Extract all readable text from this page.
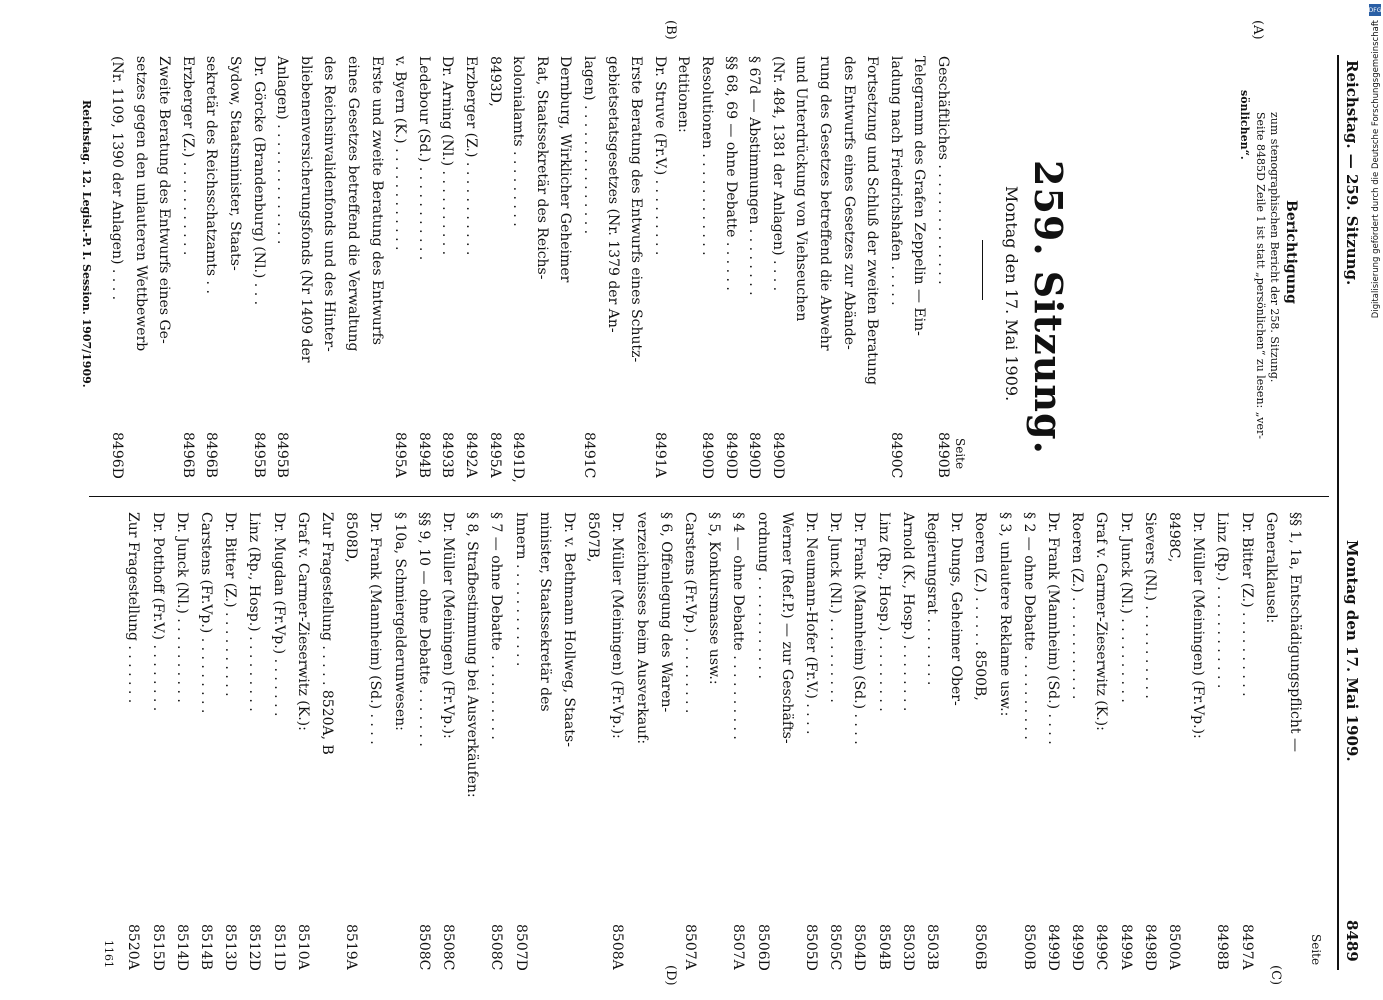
Reichstag. — 259. Sitzung.
Montag den 17. Mai 1909.
8489
(A)
(B)
(C)
(D)
Berichtigung
zum stenographischen Bericht der 258. Sitzung.
Seite 8485D Zeile 1 ist statt „persönlichen“ zu lesen: „ver-
sönlichen“.
259. Sitzung.
Montag den 17. Mai 1909.
Seite
Geschäftliches . . . . . . . . . . . . . .
8490B
Telegramm des Grafen Zeppelin — Ein-
ladung nach Friedrichshafen . . . . .
8490C
Fortsetzung und Schluß der zweiten Beratung
des Entwurfs eines Gesetzes zur Abände-
rung des Gesetzes betreffend die Abwehr
und Unterdrückung von Viehseuchen
(Nr. 484, 1381 der Anlagen) . . . .
8490D
§ 67d — Abstimmungen . . . . . . . .
8490D
§§ 68, 69 — ohne Debatte . . . . . .
8490D
Resolutionen . . . . . . . . . . . .
8490D
Petitionen:
Dr. Struve (Fr.V.) . . . . . . . . .
8491A
Erste Beratung des Entwurfs eines Schutz-
gebietsetatsgesetzes (Nr. 1379 der An-
lagen) . . . . . . . . . . . . . . .
8491C
Dernburg, Wirklicher Geheimer
Rat, Staatssekretär des Reichs-
kolonialamts . . . . . . . . .
8491D,
8493D,
8495A
Erzberger (Z.) . . . . . . . . . . .
8492A
Dr. Arning (Nl.) . . . . . . . . . .
8493B
Ledebour (Sd.) . . . . . . . . . . .
8494B
v. Byern (K.) . . . . . . . . . . . .
8495A
Erste und zweite Beratung des Entwurfs
eines Gesetzes betreffend die Verwaltung
des Reichsinvalidenfonds und des Hinter-
bliebenenversicherungsfonds (Nr 1409 der
Anlagen) . . . . . . . . . . . . . .
8495B
Dr. Görcke (Brandenburg) (Nl.) . . .
8495B
Sydow, Staatsminister, Staats-
sekretär des Reichsschatzamts . .
8496B
Erzberger (Z.) . . . . . . . . . . .
8496B
Zweite Beratung des Entwurfs eines Ge-
setzes gegen den unlauteren Wettbewerb
(Nr. 1109, 1390 der Anlagen) . . . .
8496D
Reichstag. 12. Legisl.-P. I. Session. 1907/1909.
Seite
§§ 1, 1a, Entschädigungspflicht —
Generalklausel:
Dr. Bitter (Z.) . . . . . . . . . .
8497A
Linz (Rp.) . . . . . . . . . . . .
8498B
Dr. Müller (Meiningen) (Fr.Vp.):
8498C,
8500A
Sievers (Nl.) . . . . . . . . . . .
8498D
Dr. Junck (Nl.) . . . . . . . . . .
8499A
Graf v. Carmer-Zieserwitz (K.):
8499C
Roeren (Z.) . . . . . . . . . . . .
8499D
Dr. Frank (Mannheim) (Sd.) . . . .
8499D
§ 2 — ohne Debatte . . . . . . . . . .
8500B
§ 3, unlautere Reklame usw.:
Roeren (Z.) . . . . . . 8500B,
8506B
Dr. Dungs, Geheimer Ober-
Regierungsrat . . . . . . . .
8503B
Arnold (K., Hosp.) . . . . . . . .
8503D
Linz (Rp., Hosp.) . . . . . . . . .
8504B
Dr. Frank (Mannheim) (Sd.) . . . .
8504D
Dr. Junck (Nl.) . . . . . . . . . .
8505C
Dr. Neumann-Hofer (Fr.V.) . . . .
8505D
Werner (Ref.P.) — zur Geschäfts-
ordnung . . . . . . . . . . . .
8506D
§ 4 — ohne Debatte . . . . . . . . . .
8507A
§ 5, Konkursmasse usw.:
Carstens (Fr.Vp.) . . . . . . . . .
8507A
§ 6, Offenlegung des Waren-
verzeichnisses beim Ausverkauf:
Dr. Müller (Meiningen) (Fr.Vp.):
8508A
8507B,
Dr. v. Bethmann Hollweg, Staats-
minister, Staatssekretär des
Innern . . . . . . . . . . . .
8507D
§ 7 — ohne Debatte . . . . . . . . . .
8508C
§ 8, Strafbestimmung bei Ausverkäufen:
Dr. Müller (Meiningen) (Fr.Vp.):
8508C
§§ 9, 10 — ohne Debatte . . . . . . .
8508C
§ 10a, Schmiergelderunwesen:
Dr. Frank (Mannheim) (Sd.) . . . .
8508D,
8519A
Zur Fragestellung . . . . . 8520A, B
Graf v. Carmer-Zieserwitz (K.):
8510A
Dr. Mugdan (Fr.Vp.) . . . . . . .
8511D
Linz (Rp., Hosp.) . . . . . . . . .
8512D
Dr. Bitter (Z.) . . . . . . . . . .
8513D
Carstens (Fr.Vp.) . . . . . . . . .
8514B
Dr. Junck (Nl.) . . . . . . . . . .
8514D
Dr. Potthoff (Fr.V.) . . . . . . . .
8515D
Zur Fragestellung . . . . . . .
8520A
1161
DFG
Digitalisierung gefördert durch die Deutsche Forschungsgemeinschaft
